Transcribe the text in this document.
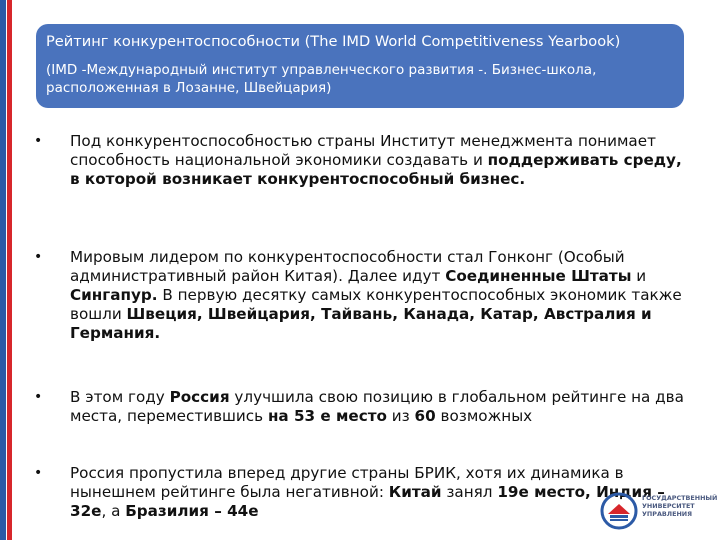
Рейтинг конкурентоспособности (The IMD World Competitiveness Yearbook)
(IMD -Международный институт управленческого развития -. Бизнес-школа, расположенная в Лозанне, Швейцария)
• Под конкурентоспособностью страны Институт менеджмента понимает способность национальной экономики создавать и поддерживать среду, в которой возникает конкурентоспособный бизнес.
• Мировым лидером по конкурентоспособности стал Гонконг (Особый административный район Китая). Далее идут Соединенные Штаты и Сингапур. В первую десятку самых конкурентоспособных экономик также вошли Швеция, Швейцария, Тайвань, Канада, Катар, Австралия и Германия.
• В этом году Россия улучшила свою позицию в глобальном рейтинге на два места, переместившись на 53 е место из 60 возможных
• Россия пропустила вперед другие страны БРИК, хотя их динамика в нынешнем рейтинге была негативной: Китай занял 19е место, Индия – 32е, а Бразилия – 44е
ГОСУДАРСТВЕННЫЙ
УНИВЕРСИТЕТ
УПРАВЛЕНИЯ
